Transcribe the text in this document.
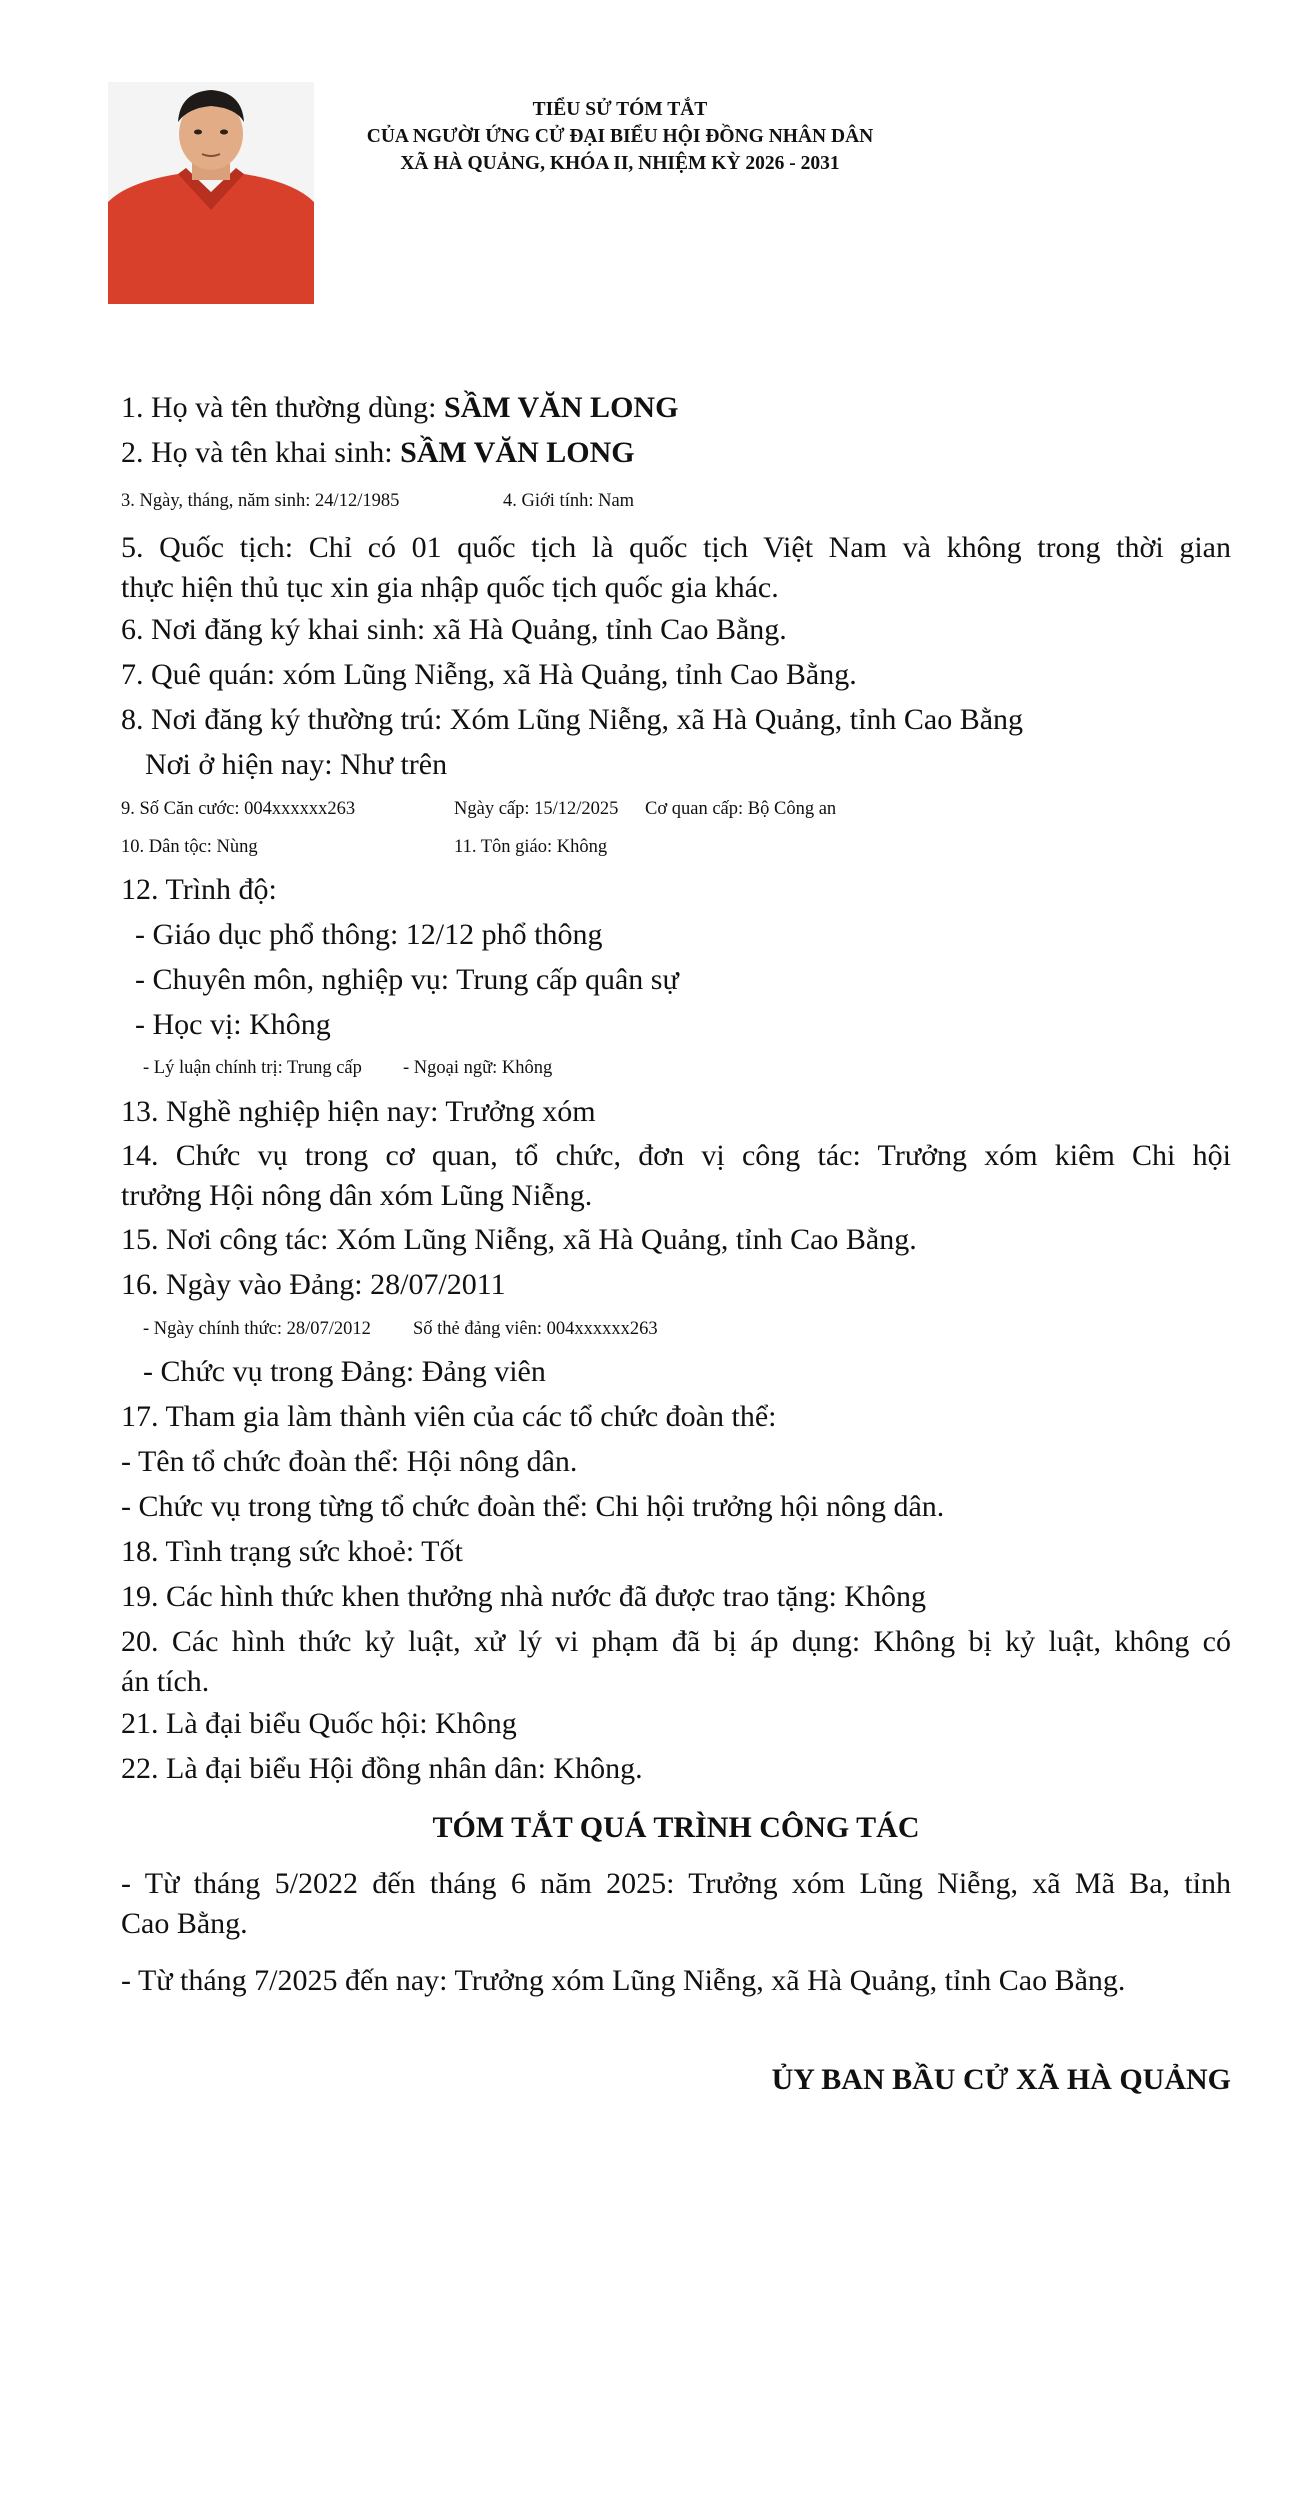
TIỂU SỬ TÓM TẮT
CỦA NGƯỜI ỨNG CỬ ĐẠI BIỂU HỘI ĐỒNG NHÂN DÂN
XÃ HÀ QUẢNG, KHÓA II, NHIỆM KỲ 2026 - 2031
1. Họ và tên thường dùng: SẦM VĂN LONG
2. Họ và tên khai sinh: SẦM VĂN LONG
3. Ngày, tháng, năm sinh: 24/12/1985	4. Giới tính: Nam
5. Quốc tịch: Chỉ có 01 quốc tịch là quốc tịch Việt Nam và không trong thời gian
thực hiện thủ tục xin gia nhập quốc tịch quốc gia khác.
6. Nơi đăng ký khai sinh: xã Hà Quảng, tỉnh Cao Bằng.
7. Quê quán: xóm Lũng Niễng, xã Hà Quảng, tỉnh Cao Bằng.
8. Nơi đăng ký thường trú: Xóm Lũng Niễng, xã Hà Quảng, tỉnh Cao Bằng
Nơi ở hiện nay: Như trên
9. Số Căn cước: 004xxxxxx263	Ngày cấp: 15/12/2025 Cơ quan cấp: Bộ Công an
10. Dân tộc: Nùng	11. Tôn giáo: Không
12. Trình độ:
- Giáo dục phổ thông: 12/12 phổ thông
- Chuyên môn, nghiệp vụ: Trung cấp quân sự
- Học vị: Không
- Lý luận chính trị: Trung cấp - Ngoại ngữ: Không
13. Nghề nghiệp hiện nay: Trưởng xóm
14. Chức vụ trong cơ quan, tổ chức, đơn vị công tác: Trưởng xóm kiêm Chi hội
trưởng Hội nông dân xóm Lũng Niễng.
15. Nơi công tác: Xóm Lũng Niễng, xã Hà Quảng, tỉnh Cao Bằng.
16. Ngày vào Đảng: 28/07/2011
- Ngày chính thức: 28/07/2012 Số thẻ đảng viên: 004xxxxxx263
- Chức vụ trong Đảng: Đảng viên
17. Tham gia làm thành viên của các tổ chức đoàn thể:
- Tên tổ chức đoàn thể: Hội nông dân.
- Chức vụ trong từng tổ chức đoàn thể: Chi hội trưởng hội nông dân.
18. Tình trạng sức khoẻ: Tốt
19. Các hình thức khen thưởng nhà nước đã được trao tặng: Không
20. Các hình thức kỷ luật, xử lý vi phạm đã bị áp dụng: Không bị kỷ luật, không có
án tích.
21. Là đại biểu Quốc hội: Không
22. Là đại biểu Hội đồng nhân dân: Không.
TÓM TẮT QUÁ TRÌNH CÔNG TÁC
- Từ tháng 5/2022 đến tháng 6 năm 2025: Trưởng xóm Lũng Niễng, xã Mã Ba, tỉnh
Cao Bằng.
- Từ tháng 7/2025 đến nay: Trưởng xóm Lũng Niễng, xã Hà Quảng, tỉnh Cao Bằng.
ỦY BAN BẦU CỬ XÃ HÀ QUẢNG
